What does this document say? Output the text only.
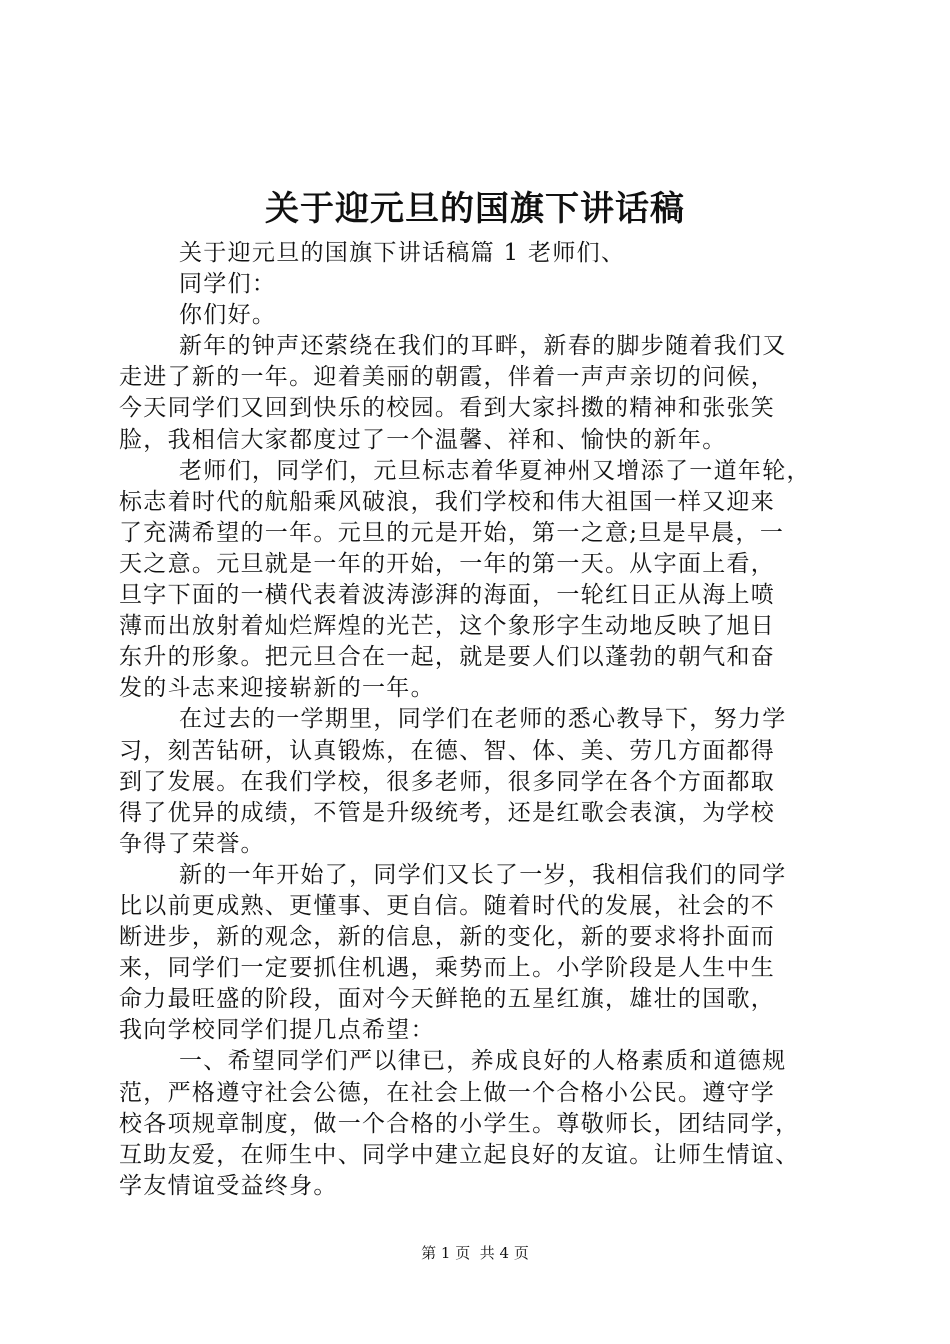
关于迎元旦的国旗下讲话稿
关于迎元旦的国旗下讲话稿篇 1 老师们、
同学们：
你们好。
新年的钟声还萦绕在我们的耳畔，新春的脚步随着我们又
走进了新的一年。迎着美丽的朝霞，伴着一声声亲切的问候，
今天同学们又回到快乐的校园。看到大家抖擞的精神和张张笑
脸，我相信大家都度过了一个温馨、祥和、愉快的新年。
老师们，同学们，元旦标志着华夏神州又增添了一道年轮，
标志着时代的航船乘风破浪，我们学校和伟大祖国一样又迎来
了充满希望的一年。元旦的元是开始，第一之意;旦是早晨，一
天之意。元旦就是一年的开始，一年的第一天。从字面上看，
旦字下面的一横代表着波涛澎湃的海面，一轮红日正从海上喷
薄而出放射着灿烂辉煌的光芒，这个象形字生动地反映了旭日
东升的形象。把元旦合在一起，就是要人们以蓬勃的朝气和奋
发的斗志来迎接崭新的一年。
在过去的一学期里，同学们在老师的悉心教导下，努力学
习，刻苦钻研，认真锻炼，在德、智、体、美、劳几方面都得
到了发展。在我们学校，很多老师，很多同学在各个方面都取
得了优异的成绩，不管是升级统考，还是红歌会表演，为学校
争得了荣誉。
新的一年开始了，同学们又长了一岁，我相信我们的同学
比以前更成熟、更懂事、更自信。随着时代的发展，社会的不
断进步，新的观念，新的信息，新的变化，新的要求将扑面而
来，同学们一定要抓住机遇，乘势而上。小学阶段是人生中生
命力最旺盛的阶段，面对今天鲜艳的五星红旗，雄壮的国歌，
我向学校同学们提几点希望：
一、希望同学们严以律已，养成良好的人格素质和道德规
范，严格遵守社会公德，在社会上做一个合格小公民。遵守学
校各项规章制度，做一个合格的小学生。尊敬师长，团结同学，
互助友爱，在师生中、同学中建立起良好的友谊。让师生情谊、
学友情谊受益终身。
第 1 页 共 4 页
